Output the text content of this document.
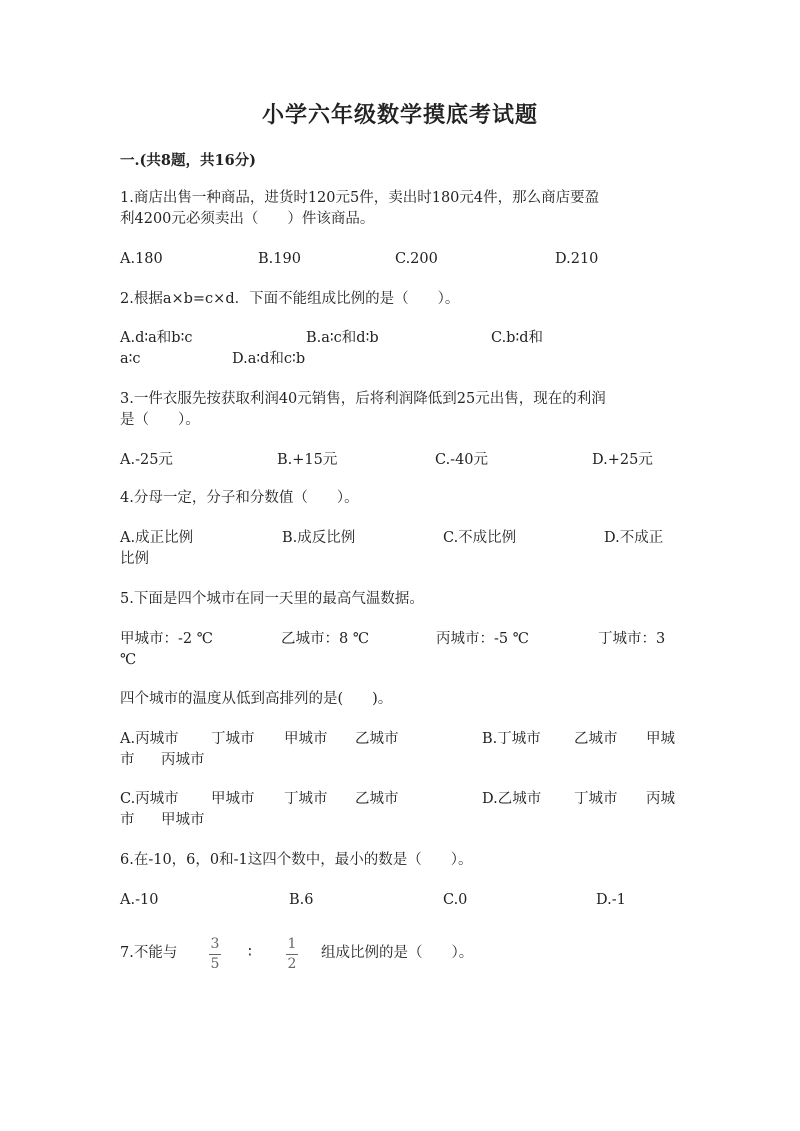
小学六年级数学摸底考试题
一.(共8题，共16分)
1.商店出售一种商品，进货时120元5件，卖出时180元4件，那么商店要盈
利4200元必须卖出（　　）件该商品。
A.180	B.190	C.200	D.210
2.根据a×b=c×d．下面不能组成比例的是（　　）。
A.d∶a和b∶c	B.a∶c和d∶b	C.b∶d和
a∶c	D.a∶d和c∶b
3.一件衣服先按获取利润40元销售，后将利润降低到25元出售，现在的利润
是（　　）。
A.-25元	B.+15元	C.-40元	D.+25元
4.分母一定，分子和分数值（　　）。
A.成正比例	B.成反比例	C.不成比例	D.不成正
比例
5.下面是四个城市在同一天里的最高气温数据。
甲城市：-2 ℃	乙城市：8 ℃	丙城市：-5 ℃	丁城市：3
℃
四个城市的温度从低到高排列的是(　　)。
A.丙城市 丁城市 甲城市 乙城市	B.丁城市 乙城市 甲城
市 丙城市
C.丙城市 甲城市 丁城市 乙城市	D.乙城市 丁城市 丙城
市 甲城市
6.在-10，6，0和-1这四个数中，最小的数是（　　）。
A.-10	B.6	C.0	D.-1
7.不能与
3
5
∶
1
2
组成比例的是（　　）。
